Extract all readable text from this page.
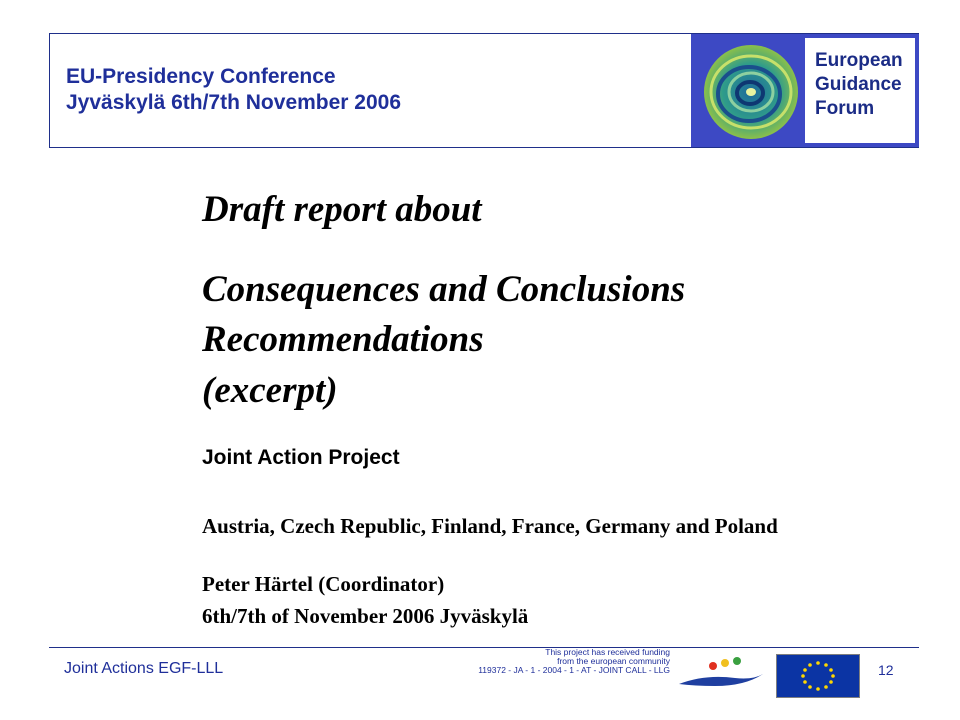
EU-Presidency Conference
Jyväskylä 6th/7th November 2006
European
Guidance
Forum
Draft report about
Consequences and Conclusions
Recommendations
(excerpt)
Joint Action Project
Austria, Czech Republic, Finland, France, Germany and Poland
Peter Härtel (Coordinator)
6th/7th of November 2006 Jyväskylä
Joint Actions EGF-LLL
This project has received funding
from the european community
119372 - JA - 1 - 2004 - 1 - AT - JOINT CALL - LLG	12
